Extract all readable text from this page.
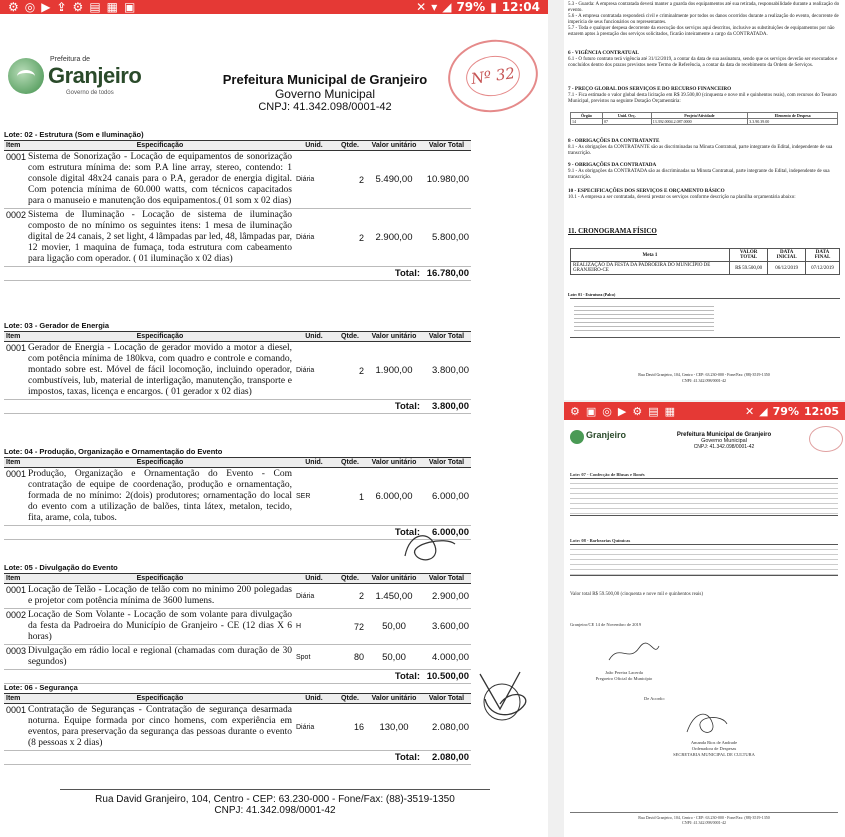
⚙ ◎ ▶ ⇪ ⚙ ▤ ▦ ▣	✕ ▾ ◢ 79% ▮ 12:04
Prefeitura de
Granjeiro
Governo de todos
Prefeitura Municipal de Granjeiro
Governo Municipal
CNPJ: 41.342.098/0001-42
Nº 32
Lote: 02 - Estrutura (Som e Iluminação)
Item	Especificação	Unid.	Qtde.	Valor unitário	Valor Total
0001	Sistema de Sonorização - Locação de equipamentos de sonorização com estrutura mínima de: som P.A line array, stereo, contendo: 1 console digital 48x24 canais para o P.A, gerador de energia digital. Com potencia mínima de 60.000 watts, com técnicos capacitados para o manuseio e manutenção dos equipamentos.( 01 som x 02 dias)	Diária	2	5.490,00	10.980,00
0002	Sistema de Iluminação - Locação de sistema de iluminação composto de no mínimo os seguintes itens: 1 mesa de iluminação digital de 24 canais, 2 set light, 4 lâmpadas par led, 48, lâmpadas par, 12 movier, 1 maquina de fumaça, toda estrutura com cabeamento para ligação com operador. ( 01 iluminação x 02 dias)	Diária	2	2.900,00	5.800,00
				Total:	16.780,00
Lote: 03 - Gerador de Energia
Item	Especificação	Unid.	Qtde.	Valor unitário	Valor Total
0001	Gerador de Energia - Locação de gerador movido a motor a diesel, com potência mínima de 180kva, com quadro e controle e comando, montado sobre est. Móvel de fácil locomoção, incluindo operador, combustíveis, lub, material de interligação, manutenção, transporte e impostos, taxas, licença e encargos. ( 01 gerador x 02 dias)	Diária	2	1.900,00	3.800,00
				Total:	3.800,00
Lote: 04 - Produção, Organização e Ornamentação do Evento
Item	Especificação	Unid.	Qtde.	Valor unitário	Valor Total
0001	Produção, Organização e Ornamentação do Evento - Com contratação de equipe de coordenação, produção e ornamentação, formada de no mínimo: 2(dois) produtores; ornamentação do local do evento com a utilização de balões, tinta látex, metalon, tecido, fita, arame, cola, tubos.	SER	1	6.000,00	6.000,00
				Total:	6.000,00
Lote: 05 - Divulgação do Evento
Item	Especificação	Unid.	Qtde.	Valor unitário	Valor Total
0001	Locação de Telão - Locação de telão com no minimo 200 polegadas e projetor com potência mínima de 3600 lumens.	Diária	2	1.450,00	2.900,00
0002	Locação de Som Volante - Locação de som volante para divulgação da festa da Padroeira do Município de Granjeiro - CE (12 dias X 6 horas)	H	72	50,00	3.600,00
0003	Divulgação em rádio local e regional (chamadas com duração de 30 segundos)	Spot	80	50,00	4.000,00
				Total:	10.500,00
Lote: 06 - Segurança
Item	Especificação	Unid.	Qtde.	Valor unitário	Valor Total
0001	Contratação de Seguranças - Contratação de segurança desarmada noturna. Equipe formada por cinco homens, com experiência em eventos, para preservação da segurança das pessoas durante o evento (8 pessoas x 2 dias)	Diária	16	130,00	2.080,00
				Total:	2.080,00
Rua David Granjeiro, 104, Centro - CEP: 63.230-000 - Fone/Fax: (88)-3519-1350
CNPJ: 41.342.098/0001-42
5.3 - Guarda: A empresa contratada deverá manter a guarda dos equipamentos até sua retirada, responsabilidade durante a realização do evento.
5.6 - A empresa contratada responderá civil e criminalmente por todos os danos ocorridos durante a realização do evento, decorrente de imperícia de seus funcionários ou representantes.
5.7 - Toda e qualquer despesa decorrente da execução dos serviços aqui descritos, inclusive as substituições de equipamentos por não estarem aptos à prestação dos serviços solicitados, ficarão inteiramente a cargo da CONTRATADA.
6 - VIGÊNCIA CONTRATUAL
6.1 - O futuro contrato terá vigência até 31/12/2019, a contar da data de sua assinatura, sendo que os serviços deverão ser executados e concluídos dentro dos prazos previstos neste Termo de Referência, a contar da data do recebimento da Ordem de Serviços.
7 - PREÇO GLOBAL DOS SERVIÇOS E DO RECURSO FINANCEIRO
7.1 - Fica estimado o valor global desta licitação em R$ 39.500,00 (cinquenta e nove mil e quinhentos reais), com recursos do Tesouro Municipal, previstos na seguinte Dotação Orçamentária:
Órgão	Unid. Orç.	Projeto/Atividade	Elemento de Despesa
14	07	13.392.0004.2.087.0000	3.3.90.39.00
8 - OBRIGAÇÕES DA CONTRATANTE
8.1 - As obrigações da CONTRATANTE são as discriminadas na Minuta Contratual, parte integrante do Edital, independente de sua transcrição.
9 - OBRIGAÇÕES DA CONTRATADA
9.1 - As obrigações da CONTRATADA são as discriminadas na Minuta Contratual, parte integrante do Edital, independente de sua transcrição.
10 - ESPECIFICAÇÕES DOS SERVIÇOS E ORÇAMENTO BÁSICO
10.1 - A empresa a ser contratada, deverá prestar os serviços conforme descrição na planilha orçamentária abaixo:
11. CRONOGRAMA FÍSICO
Meta 1	VALOR TOTAL	DATA INICIAL	DATA FINAL
REALIZAÇÃO DA FESTA DA PADROEIRA DO MUNICÍPIO DE GRANJEIRO-CE	R$ 59.500,00	06/12/2019	07/12/2019
Lote: 01 - Estrutura (Palco)
Rua David Granjeiro, 104, Centro - CEP: 63.230-000 - Fone/Fax: (88)-3519-1350
CNPJ: 41.342.098/0001-42
⚙ ▣ ◎ ▶ ⚙ ▤ ▦	✕ ◢ 79% 12:05
Granjeiro	Prefeitura Municipal de Granjeiro
Governo Municipal
CNPJ: 41.342.098/0001-42
Lote: 07 - Confecção de Blusas e Bonés
Lote: 08 - Barbearias Químicas
Valor total R$ 59.500,00 (cinquenta e nove mil e quinhentos reais)
Granjeiro/CE 14 de Novembro de 2019
João Pereira Lacerda
Pregoeiro Oficial do Município
De Acordo:
Amanda Rios de Andrade
Ordenadora de Despesas
SECRETARIA MUNICIPAL DE CULTURA
Rua David Granjeiro, 104, Centro - CEP: 63.230-000 - Fone/Fax: (88)-3519-1350
CNPJ: 41.342.098/0001-42
